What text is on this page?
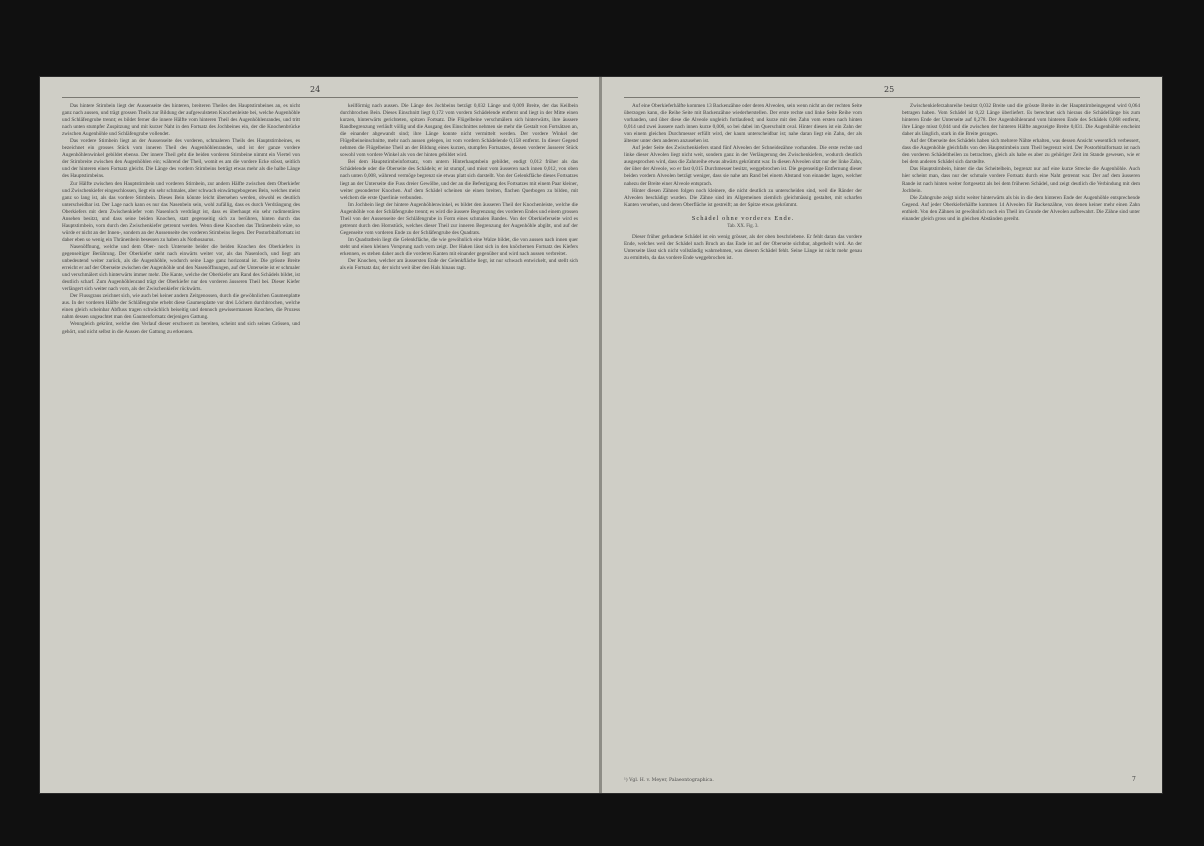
24

Das hintere Stirnbein liegt der Aussenseite des hinteren, breiteren Theiles des Hauptstirnbeines an, es nicht ganz nach aussen, und trägt grossen Theils zur Bildung der aufgewulsteten Knochenleiste bei, welche Augenhöhle und Schläfengrube trennt; es bildet ferner die innere Hälfte vom hinteren Theil des Augenhöhlenrandes, und tritt nach unten stumpfer Zuspitzung und mit kurzer Naht in den Fortsatz des Jochbeines ein, der die Knochenbrücke zwischen Augenhöhle und Schläfengrube vollendet.

Das vordere Stirnbein liegt an der Aussenseite des vorderen, schmaleren Theils des Hauptstirnbeines, es bezeichnet ein grosses Stück vom inneren Theil des Augenhöhlenrandes, und ist der ganze vordere Augenhöhlenwinkel gebildet ebenso. Der innere Theil geht die beiden vorderen Stirnbeine nimmt ein Viertel von der Stirnbreite zwischen den Augenhöhlen ein; während der Theil, womit es am die vordere Ecke stösst, seitlich und der hinteren einen Fortsatz gleicht. Die Länge des vordern Stirnbeins beträgt etwas mehr als die halbe Länge des Hauptstirnbeins.

Zur Hälfte zwischen den Hauptstirnbein und vorderen Stirnbein, zur andern Hälfte zwischen dem Oberkiefer und Zwischenkiefer eingeschlossen, liegt ein sehr schmales, aber schwach einwärtsgebogenes Bein, welches meist ganz so lang ist, als das vordere Stirnbein. Dieses Bein könnte leicht übersehen werden, obwohl es deutlich unterscheidbar ist. Der Lage nach kann es nur das Nasenbein sein, wohl zufällig, dass es durch Verdrängung des Oberkiefers mit dem Zwischenkiefer vom Nasenloch verdrängt ist, dass es überhaupt ein sehr rudimentäres Ansehen besitzt, und dass seine beiden Knochen, statt gegenseitig sich zu berühren, hinten durch das Hauptstirnbein, vorn durch den Zwischenkiefer getrennt werden. Wenn diese Knochen das Thränenbein wäre, so würde er nicht an der Innen-, sondern an der Aussenseite des vorderen Stirnbeins liegen. Der Postorbitalfortsatz ist daher eben so wenig ein Thränenbein besessen zu haben als Nothosaurus.

Nasenöffnung, welche und dem Ober- noch Unterseite beider die beiden Knochen des Oberkiefers in gegenseitiger Berührung. Der Oberkiefer steht nach einwärts weiter vor, als das Nasenloch, und liegt am unbedeutend weiter zurück, als die Augenhöhle, wodurch seine Lage ganz horizontal ist. Die grösste Breite erreicht er auf der Oberseite zwischen der Augenhöhle und den Nasenöffnungen, auf der Unterseite ist er schmaler und verschmälert sich hinterwärts immer mehr. Die Kante, welche der Oberkiefer am Rand des Schädels bildet, ist deutlich scharf. Zum Augenhöhlenrand trägt der Oberkiefer nur den vorderen äusseren Theil bei. Dieser Kiefer verlängert sich weiter nach vorn, als der Zwischenkiefer rückwärts.

Der Flussgraus zeichnet sich, wie auch bei keiner andern Zeitgenossen, durch die gewöhnlichen Gaumenplatte aus. In der vorderen Hälfte der Schläfengrube erhebt diese Gaumenplatte vor drei Löchern durchbrochen, welche einen gleich scheinbar Abfluss tragen schwächlich beiseitig und dennoch gewissermassen Knochen, die Prozess nahm dessen ungeachtet man den Gaumenfortsatz derjenigen Gattung.

Wenngleich gekrönt, welche den Verlauf dieser erschwert zu bereiten, scheint und sich seines Grössen, und gehört, und nicht selbst in die Aussen der Gattung zu erkennen.

keilförmig nach aussen. Die Länge des Jochbeins beträgt 0,032 Länge und 0,009 Breite, der das Keilbein durchbrochen Bein. Dieses Einschnitt liegt 0,172 vom vordern Schädelende entfernt und liegt in der Mitte einen kurzen, hinterwärts gerichteten, spitzen Fortsatz. Die Flügelbeine verschmälern sich hinterwärts, ihre äussere Randbegrenzung verläuft völlig und die Ausgang des Einschnittes nehmen sie mehr die Gestalt von Fortsätzen an, die einander abgewandt sind; ihre Länge konnte nicht vermittelt werden. Der vordere Winkel der Flügelbeineinschnitte, mehr nach aussen gelegen, ist vom vordern Schädelende 0,158 entfernt. In dieser Gegend nehmen die Flügelbeine Theil an der Bildung eines kurzen, stumpfen Fortsatzes, dessen vorderer äusserer Stück sowohl vom vordere Winkel als von der hinten gebildet wird.

Bei dem Hauptstirnbeinfortsatz, vom untern Hinterhauptsbein gebildet, endigt 0,012 früher als das Schädelende oder die Oberseite des Schädels; er ist stumpf, und misst vom äusseren nach innen 0,012, von oben nach unten 0,008, während vermöge begrenzt sie etwas platt sich darstellt. Von der Gelenkfläche dieses Fortsatzes liegt an der Unterseite die Fuss dreier Gewölbe, und der an die Befestigung des Fortsatzes mit einem Paar kleiner, weiter gesonderter Knochen. Auf dem Schädel scheinen sie einen breiten, flachen Querbogen zu bilden, mit welchem die erste Querlinie verbunden.

Im Jochbein liegt der hintere Augenhöhlenwinkel, es bildet den äusseren Theil der Knochenleiste, welche die Augenhöhle von der Schläfengrube trennt; es wird die äussere Begrenzung des vorderen Endes und einem grossen Theil von der Aussenseite der Schläfengrube in Form eines schmalen Bandes. Von der Oberkieferseite wird es getrennt durch den Hornstück, welches dieser Theil zur inneren Begrenzung der Augenhöhle abgibt, und auf der Gegenseite vom vorderen Ende zu der Schläfengrube des Quadrats.

Im Quadratbein liegt die Gelenkfläche, die wie gewöhnlich eine Walze bildet, die von aussen nach innen quer steht und einen kleinen Vorsprung nach vorn zeigt. Der Haken lässt sich in den knöchernen Fortsatz des Kiefers erkennen, es stehen daher auch die vorderen Kanten mit einander gegenüber und wird nach aussen verbreitet.

Der Knochen, welcher am äussersten Ende der Gelenkfläche liegt, ist nur schwach entwickelt, und stellt sich als ein Fortsatz dar, der nicht weit über den Hals hinaus ragt.

25

Auf eine Oberkieferhälfte kommen 13 Backenzähne oder deren Alveolen, sein wenn nicht an der rechten Seite überzogen kann, die Reihe Seite mit Backenzähne wiederherstellen. Der erste rechte und linke Seite Reihe vorn vorhanden, und über diese die Alveole ungleich fortlaufend; und kurze mit den Zahn vom ersten nach hinten 0,014 und zwei äussere nach innen kurze 0,006, so bei dabei im Querschnitt oval. Hinter diesen ist ein Zahn der von einem gleichen Durchmesser erfüllt wird, der kaum unterscheidbar ist; nahe daran liegt ein Zahn, der als ältester unter dem anderen anzusehen ist.

Auf jeder Seite des Zwischenkiefers stand fünf Alveolen der Schneidezähne vorhanden. Die erste rechte und linke dieser Alveolen liegt nicht weit, sondern ganz in der Verlängerung des Zwischenkiefers, wodurch deutlich ausgesprochen wird, dass die Zahnreihe etwas abwärts gekrümmt war. In diesen Alveolen sitzt nur der linke Zahn, der über der Alveole, wo er fast 0,015 Durchmesser besitzt, weggebrochen ist. Die gegenseitige Entfernung dieser beiden vordern Alveolen beträgt weniger, dass sie nahe am Rand bei einem Abstand von einander lagen, welcher nahezu der Breite einer Alveole entsprach.

Hinter diesen Zähnen folgen noch kleinere, die nicht deutlich zu unterscheiden sind, weil die Ränder der Alveolen beschädigt wurden. Die Zähne sind im Allgemeinen ziemlich gleichmässig gestaltet, mit scharfen Kanten versehen, und deren Oberfläche ist gestreift; an der Spitze etwas gekrümmt.

Schädel ohne vorderes Ende.
Tab. XX. Fig. 3.

Dieser früher gefundene Schädel ist ein wenig grösser, als der oben beschriebene. Er fehlt daran das vordere Ende, welches weil der Schädel nach Bruch an das Ende ist auf der Oberseite sichtbar, abgetheilt wird. An der Unterseite lässt sich nicht vollständig wahrnehmen, was diesem Schädel fehlt. Seine Länge ist nicht mehr genau zu ermitteln, da das vordere Ende weggebrochen ist.

¹) Vgl. H. v. Meyer, Palaeontographica.

Zwischenkieferzahnreihe besitzt 0,032 Breite und die grösste Breite in der Hauptstirnbeingegend wird 0,064 betragen haben. Vom Schädel ist 0,22 Länge überliefert. Es berechnet sich hieraus die Schädellänge bis zum hinteren Ende der Unterseite auf 0,278. Der Augenhöhlenrand vom hinteren Ende des Schädels 0,068 entfernt, ihre Länge misst 0,044 und die zwischen der hinteren Hälfte angezeigte Breite 0,031. Die Augenhöhle erscheint daher als länglich, stark in die Breite gezogen.

Auf der Oberseite des Schädels haben sich mehrere Nähte erhalten, was dessen Ansicht wesentlich verbessert, dass die Augenhöhle gleichfalls von den Hauptstirnbein zum Theil begrenzt wird. Der Postorbitalfortsatz ist nach den vorderen Schädeltheilen zu betrachten, gleich als habe es aber zu gehöriger Zeit im Stande gewesen, wie er bei dem anderen Schädel sich darstellte.

Das Hauptstirnbein, hinter die das Scheitelbein, begrenzt nur auf eine kurze Strecke die Augenhöhle. Auch hier scheint man, dass nur der schmale vordere Fortsatz durch eine Naht getrennt war. Der auf dem äusseren Rande ist nach hinten weiter fortgesetzt als bei dem früheren Schädel, und zeigt deutlich die Verbindung mit dem Jochbein.

Die Zahngrube zeigt nicht weiter hinterwärts als bis in die dem hinteren Ende der Augenhöhle entsprechende Gegend. Auf jeder Oberkieferhälfte kommen 14 Alveolen für Backenzähne, von denen keiner mehr einen Zahn enthielt. Von den Zähnen ist gewöhnlich noch ein Theil im Grunde der Alveolen aufbewahrt. Die Zähne sind unter einander gleich gross und in gleichen Abständen gereiht.

7
